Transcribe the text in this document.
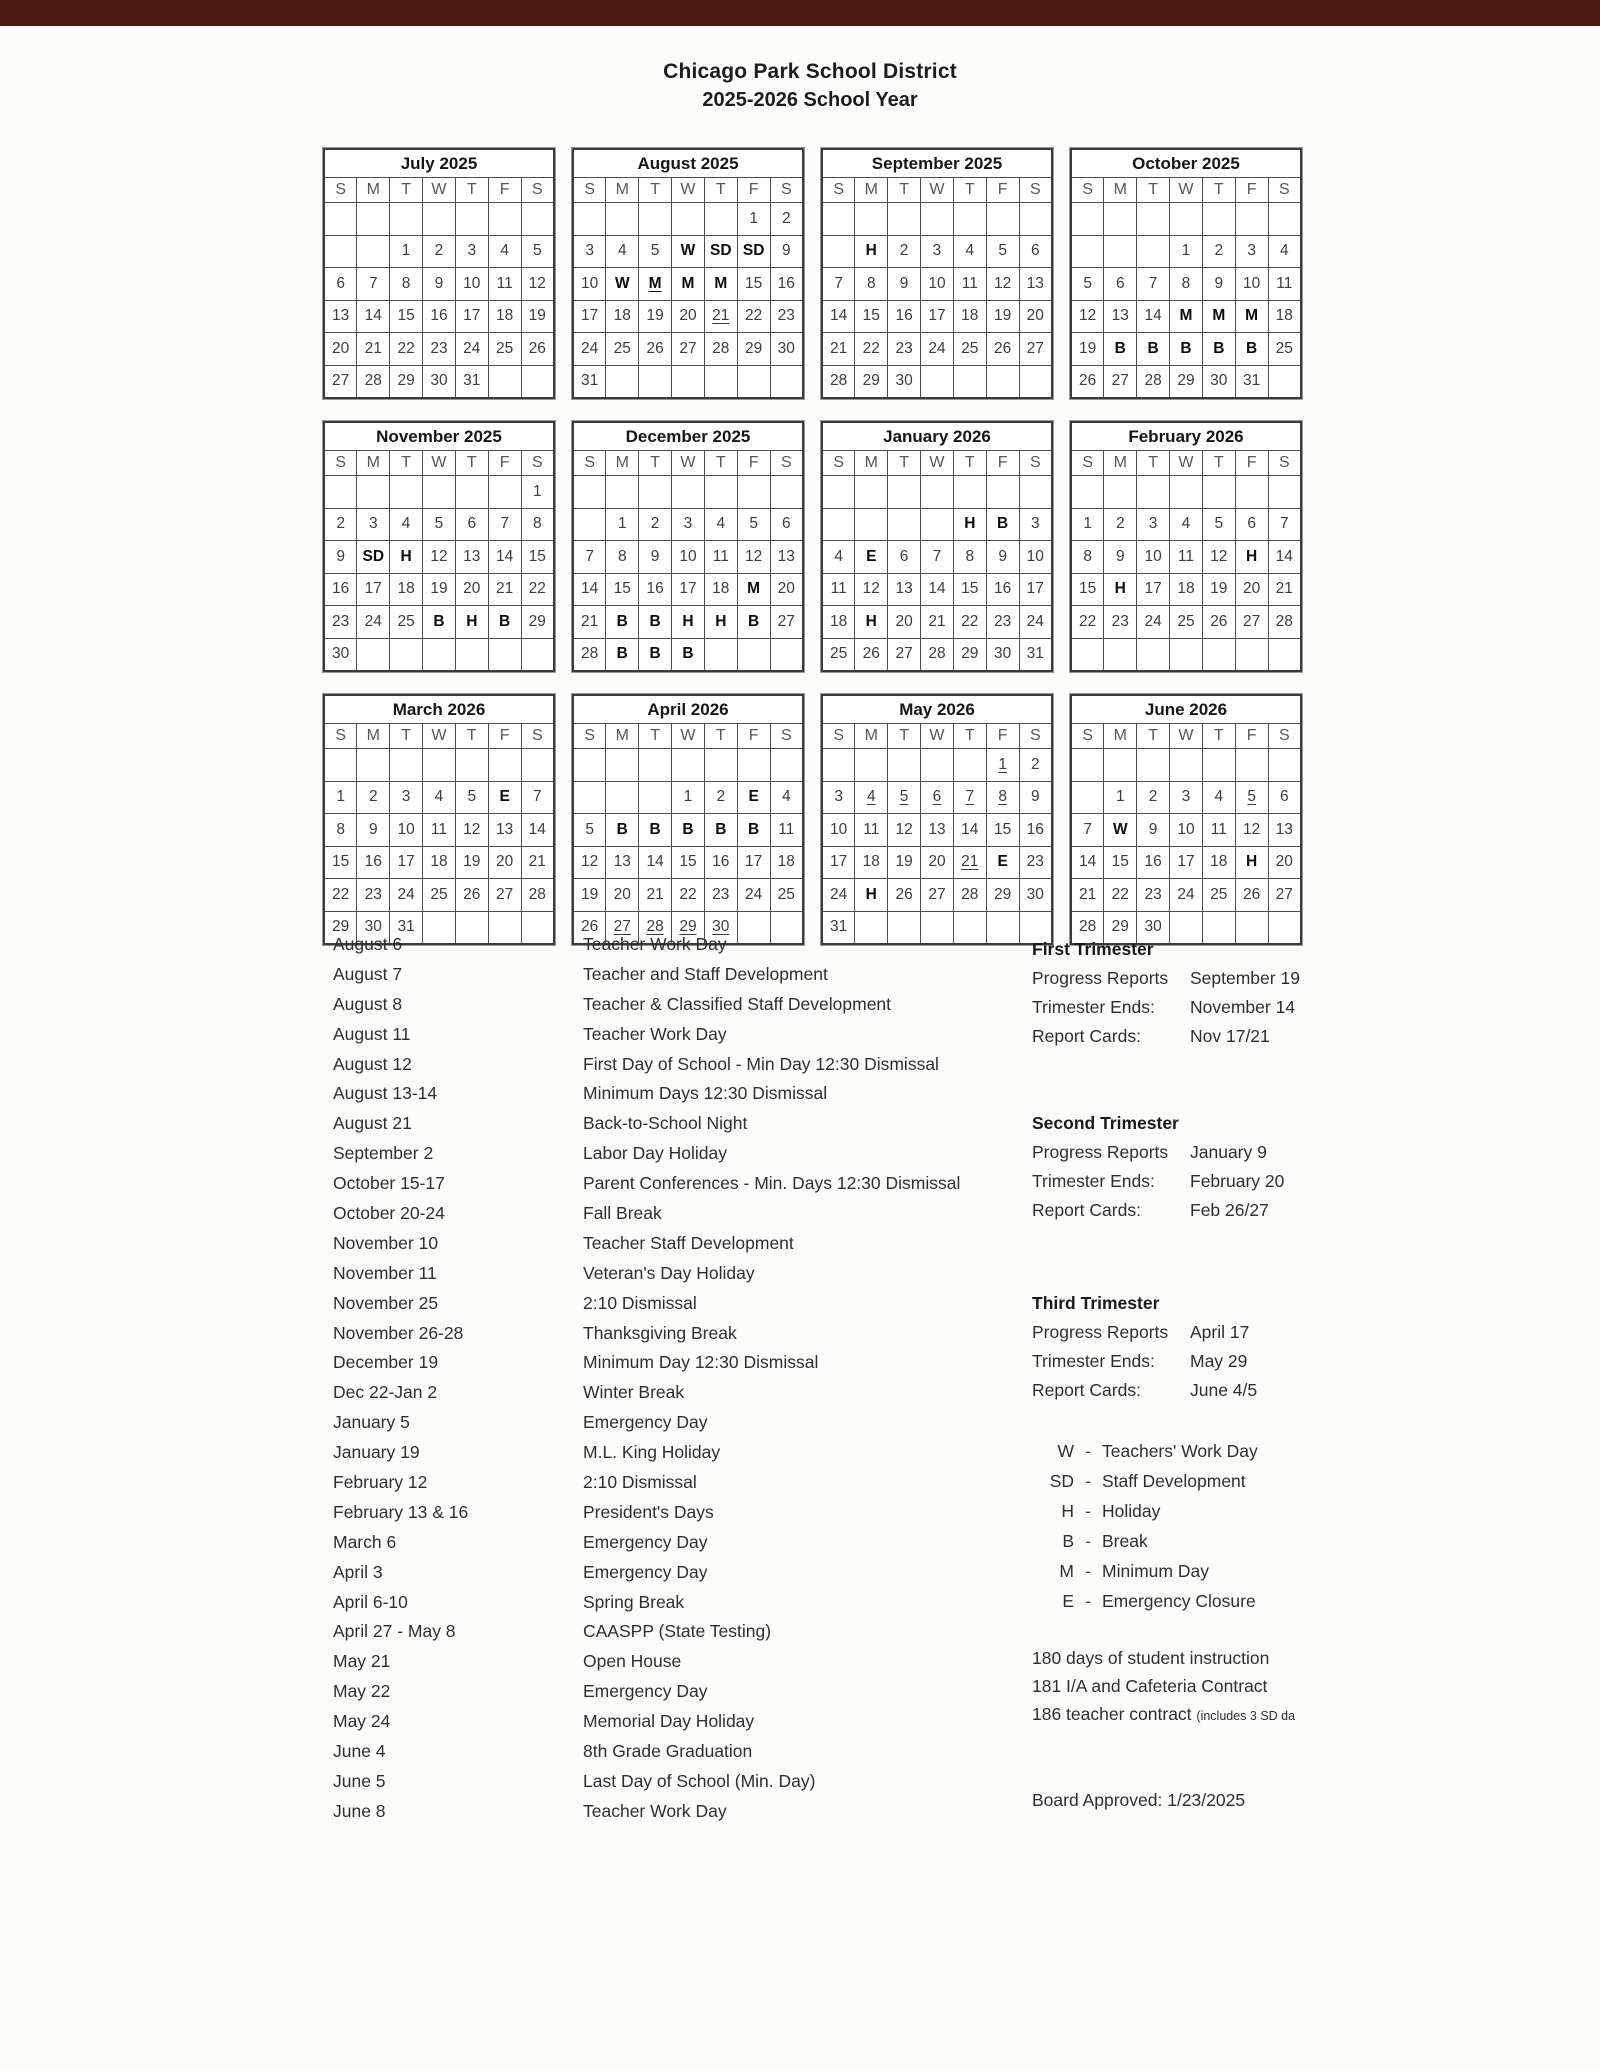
Chicago Park School District
2025-2026 School Year
July 2025						
S	M	T	W	T	F	S

		1	2	3	4	5
6	7	8	9	10	11	12
13	14	15	16	17	18	19
20	21	22	23	24	25	26
27	28	29	30	31		
August 2025						
S	M	T	W	T	F	S
					1	2
3	4	5	W	SD	SD	9
10	W	M	M	M	15	16
17	18	19	20	21	22	23
24	25	26	27	28	29	30
31						
September 2025						
S	M	T	W	T	F	S

	H	2	3	4	5	6
7	8	9	10	11	12	13
14	15	16	17	18	19	20
21	22	23	24	25	26	27
28	29	30				
October 2025						
S	M	T	W	T	F	S

			1	2	3	4
5	6	7	8	9	10	11
12	13	14	M	M	M	18
19	B	B	B	B	B	25
26	27	28	29	30	31	
November 2025						
S	M	T	W	T	F	S
						1
2	3	4	5	6	7	8
9	SD	H	12	13	14	15
16	17	18	19	20	21	22
23	24	25	B	H	B	29
30						
December 2025						
S	M	T	W	T	F	S

	1	2	3	4	5	6
7	8	9	10	11	12	13
14	15	16	17	18	M	20
21	B	B	H	H	B	27
28	B	B	B			
January 2026						
S	M	T	W	T	F	S

				H	B	3
4	E	6	7	8	9	10
11	12	13	14	15	16	17
18	H	20	21	22	23	24
25	26	27	28	29	30	31
February 2026						
S	M	T	W	T	F	S

1	2	3	4	5	6	7
8	9	10	11	12	H	14
15	H	17	18	19	20	21
22	23	24	25	26	27	28

March 2026						
S	M	T	W	T	F	S

1	2	3	4	5	E	7
8	9	10	11	12	13	14
15	16	17	18	19	20	21
22	23	24	25	26	27	28
29	30	31				
April 2026						
S	M	T	W	T	F	S

			1	2	E	4
5	B	B	B	B	B	11
12	13	14	15	16	17	18
19	20	21	22	23	24	25
26	27	28	29	30		
May 2026						
S	M	T	W	T	F	S
					1	2
3	4	5	6	7	8	9
10	11	12	13	14	15	16
17	18	19	20	21	E	23
24	H	26	27	28	29	30
31						
June 2026						
S	M	T	W	T	F	S

	1	2	3	4	5	6
7	W	9	10	11	12	13
14	15	16	17	18	H	20
21	22	23	24	25	26	27
28	29	30				
August 6	Teacher Work Day
August 7	Teacher and Staff Development
August 8	Teacher & Classified Staff Development
August 11	Teacher Work Day
August 12	First Day of School - Min Day 12:30 Dismissal
August 13-14	Minimum Days 12:30 Dismissal
August 21	Back-to-School Night
September 2	Labor Day Holiday
October 15-17	Parent Conferences - Min. Days 12:30 Dismissal
October 20-24	Fall Break
November 10	Teacher Staff Development
November 11	Veteran's Day Holiday
November 25	2:10 Dismissal
November 26-28	Thanksgiving Break
December 19	Minimum Day 12:30 Dismissal
Dec 22-Jan 2	Winter Break
January 5	Emergency Day
January 19	M.L. King Holiday
February 12	2:10 Dismissal
February 13 & 16	President's Days
March 6	Emergency Day
April 3	Emergency Day
April 6-10	Spring Break
April 27 - May 8	CAASPP (State Testing)
May 21	Open House
May 22	Emergency Day
May 24	Memorial Day Holiday
June 4	8th Grade Graduation
June 5	Last Day of School (Min. Day)
June 8	Teacher Work Day
First Trimester
Progress Reports	September 19
Trimester Ends:	November 14
Report Cards:	Nov 17/21
Second Trimester
Progress Reports	January 9
Trimester Ends:	February 20
Report Cards:	Feb 26/27
Third Trimester
Progress Reports	April 17
Trimester Ends:	May 29
Report Cards:	June 4/5
W - Teachers' Work Day
SD - Staff Development
H - Holiday
B - Break
M - Minimum Day
E - Emergency Closure
180 days of student instruction
181 I/A and Cafeteria Contract
186 teacher contract (includes 3 SD da
Board Approved: 1/23/2025
